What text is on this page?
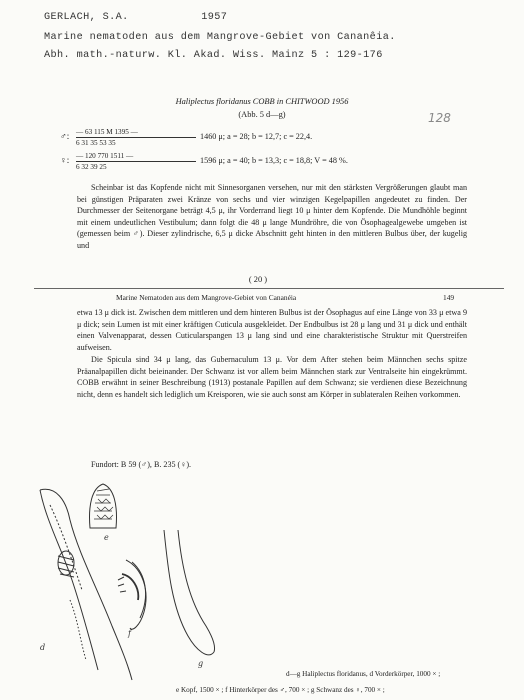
GERLACH, S.A.	1957
Marine nematoden aus dem Mangrove-Gebiet von Cananêia.
Abh. math.-naturw. Kl. Akad. Wiss. Mainz 5 : 129-176
Haliplectus floridanus COBB in CHITWOOD 1956
(Abb. 5 d—g)	128
♂: — 63 115 M 1395 —
6 31 35 53 35
1460 μ; a = 28; b = 12,7; c = 22,4.
♀: — 120 770 1511 —
6 32 39 25
1596 μ; a = 40; b = 13,3; c = 18,8; V = 48 %.
Scheinbar ist das Kopfende nicht mit Sinnesorganen versehen, nur mit den stärksten Vergrößerungen glaubt man bei günstigen Präparaten zwei Kränze von sechs und vier winzigen Kegelpapillen angedeutet zu finden. Der Durchmesser der Seitenorgane beträgt 4,5 μ, ihr Vorderrand liegt 10 μ hinter dem Kopfende. Die Mundhöhle beginnt mit einem undeutlichen Vestibulum; dann folgt die 48 μ lange Mundröhre, die von Ösophagealgewebe umgeben ist (gemessen beim ♂). Dieser zylindrische, 6,5 μ dicke Abschnitt geht hinten in den mittleren Bulbus über, der kugelig und
( 20 )
Marine Nematoden aus dem Mangrove-Gebiet von Cananéia	149
etwa 13 μ dick ist. Zwischen dem mittleren und dem hinteren Bulbus ist der Ösophagus auf eine Länge von 33 μ etwa 9 μ dick; sein Lumen ist mit einer kräftigen Cuticula ausgekleidet. Der Endbulbus ist 28 μ lang und 31 μ dick und enthält einen Valvenapparat, dessen Cuticularspangen 13 μ lang sind und eine charakteristische Struktur mit Querstreifen aufweisen.
Die Spicula sind 34 μ lang, das Gubernaculum 13 μ. Vor dem After stehen beim Männchen sechs spitze Präanalpapillen dicht beieinander. Der Schwanz ist vor allem beim Männchen stark zur Ventralseite hin eingekrümmt. COBB erwähnt in seiner Beschreibung (1913) postanale Papillen auf dem Schwanz; sie verdienen diese Bezeichnung nicht, denn es handelt sich lediglich um Kreisporen, wie sie auch sonst am Körper in sublateralen Reihen vorkommen.
Fundort: B 59 (♂), B. 235 (♀).
d
e
f
g
d—g Haliplectus floridanus, d Vorderkörper, 1000 × ;
e Kopf, 1500 × ; f Hinterkörper des ♂, 700 × ; g Schwanz des ♀, 700 × ;
